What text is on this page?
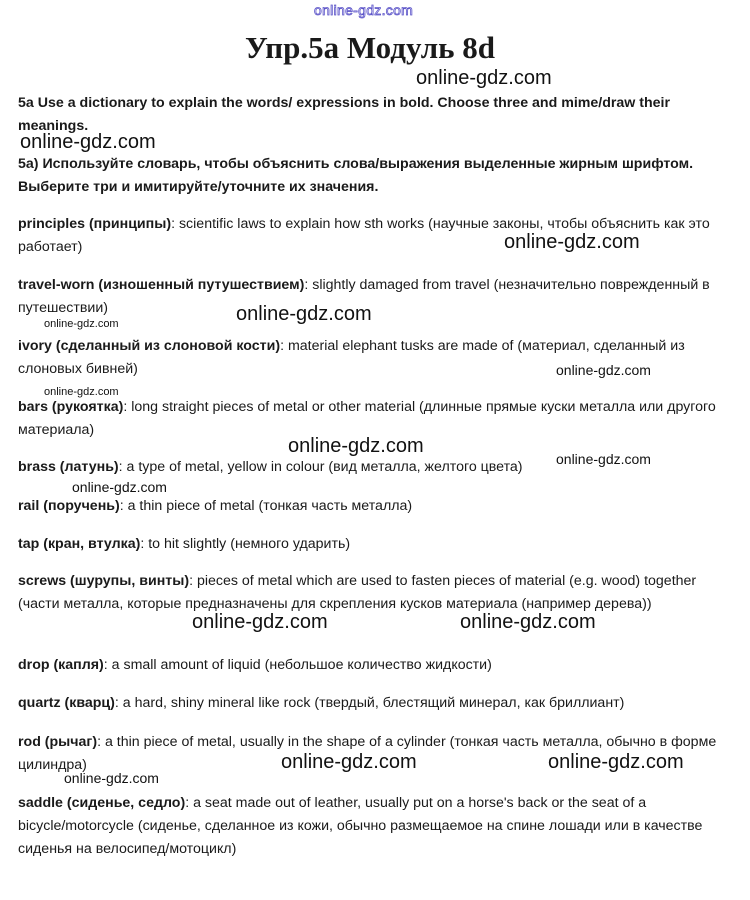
online-gdz.com
Упр.5a Модуль 8d
5a Use a dictionary to explain the words/ expressions in bold. Choose three and mime/draw their meanings.
5а) Используйте словарь, чтобы объяснить слова/выражения выделенные жирным шрифтом. Выберите три и имитируйте/уточните их значения.
principles (принципы): scientific laws to explain how sth works (научные законы, чтобы объяснить как это работает)
travel-worn (изношенный путушествием): slightly damaged from travel (незначительно поврежденный в путешествии)
ivory (сделанный из слоновой кости): material elephant tusks are made of (материал, сделанный из слоновых бивней)
bars (рукоятка): long straight pieces of metal or other material (длинные прямые куски металла или другого материала)
brass (латунь): a type of metal, yellow in colour (вид металла, желтого цвета)
rail (поручень): a thin piece of metal (тонкая часть металла)
tap (кран, втулка): to hit slightly (немного ударить)
screws (шурупы, винты): pieces of metal which are used to fasten pieces of material (e.g. wood) together (части металла, которые предназначены для скрепления кусков материала (например дерева))
drop (капля): a small amount of liquid (небольшое количество жидкости)
quartz (кварц): a hard, shiny mineral like rock (твердый, блестящий минерал, как бриллиант)
rod (рычаг): a thin piece of metal, usually in the shape of a cylinder (тонкая часть металла, обычно в форме цилиндра)
saddle (сиденье, седло): a seat made out of leather, usually put on a horse's back or the seat of a bicycle/motorcycle (сиденье, сделанное из кожи, обычно размещаемое на спине лошади или в качестве сиденья на велосипед/мотоцикл)
online-gdz.com
online-gdz.com
online-gdz.com
online-gdz.com
online-gdz.com
online-gdz.com
online-gdz.com
online-gdz.com
online-gdz.com
online-gdz.com
online-gdz.com	online-gdz.com
online-gdz.com	online-gdz.com
online-gdz.com
